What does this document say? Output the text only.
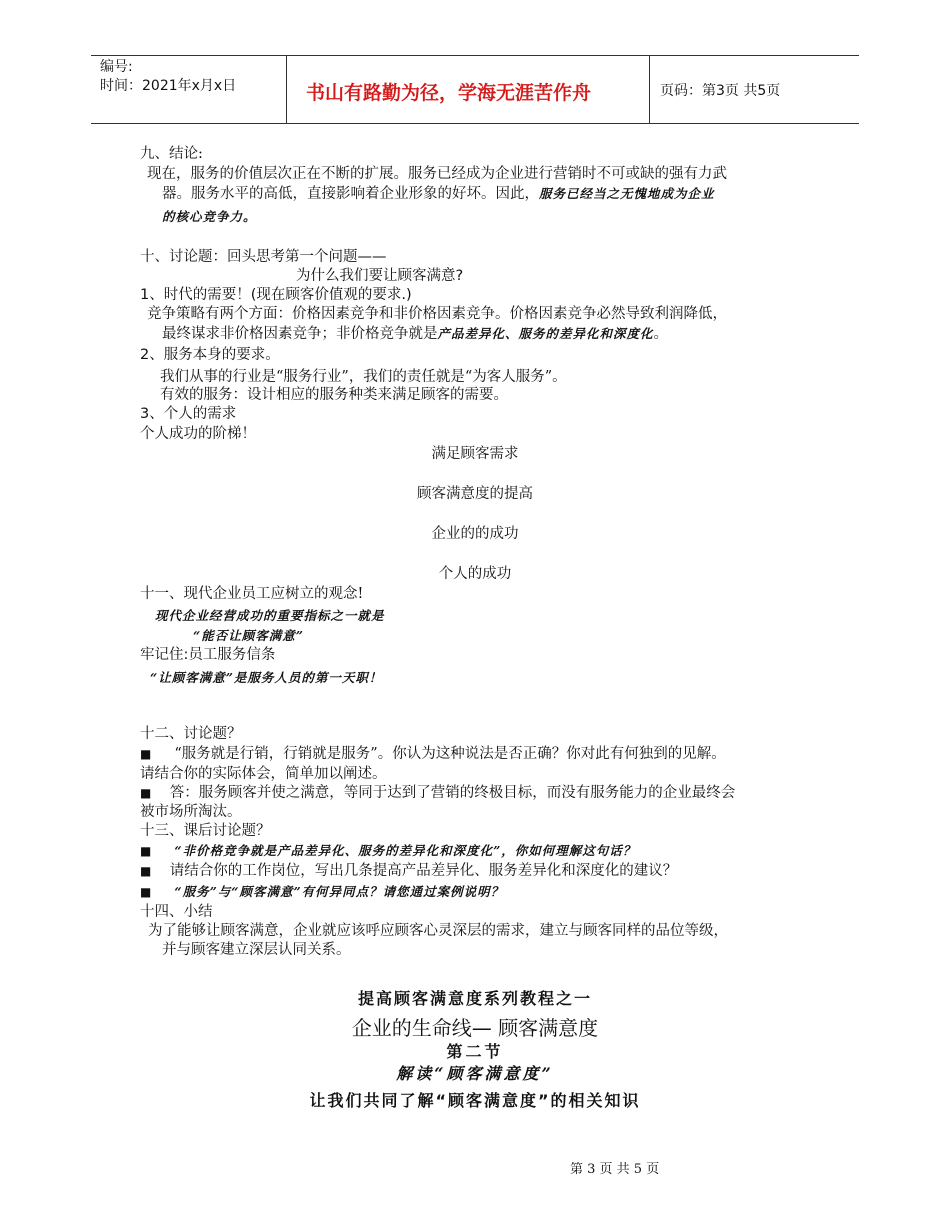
编号:
时间：2021年x月x日	书山有路勤为径，学海无涯苦作舟	页码：第3页 共5页
九、结论:
现在，服务的价值层次正在不断的扩展。服务已经成为企业进行营销时不可或缺的强有力武
器。服务水平的高低，直接影响着企业形象的好坏。因此，服务已经当之无愧地成为企业
的核心竞争力。
十、讨论题：回头思考第一个问题——
为什么我们要让顾客满意?
1、时代的需要！(现在顾客价值观的要求.)
竞争策略有两个方面：价格因素竞争和非价格因素竞争。价格因素竞争必然导致利润降低，
最终谋求非价格因素竞争；非价格竞争就是产品差异化、服务的差异化和深度化。
2、服务本身的要求。
我们从事的行业是“服务行业”，我们的责任就是“为客人服务”。
有效的服务：设计相应的服务种类来满足顾客的需要。
3、个人的需求
个人成功的阶梯！
满足顾客需求
顾客满意度的提高
企业的的成功
个人的成功
十一、现代企业员工应树立的观念!
现代企业经营成功的重要指标之一就是
“能否让顾客满意”
牢记住:员工服务信条
“让顾客满意”是服务人员的第一天职！
十二、讨论题？
■ “服务就是行销，行销就是服务”。你认为这种说法是否正确？你对此有何独到的见解。
请结合你的实际体会，简单加以阐述。
■ 答：服务顾客并使之满意，等同于达到了营销的终极目标，而没有服务能力的企业最终会
被市场所淘汰。
十三、课后讨论题？
■ “非价格竞争就是产品差异化、服务的差异化和深度化”，你如何理解这句话？
■ 请结合你的工作岗位，写出几条提高产品差异化、服务差异化和深度化的建议？
■ “服务”与“顾客满意”有何异同点？请您通过案例说明？
十四、小结
为了能够让顾客满意，企业就应该呼应顾客心灵深层的需求，建立与顾客同样的品位等级，
并与顾客建立深层认同关系。
提高顾客满意度系列教程之一
企业的生命线— 顾客满意度
第二节
解读“顾客满意度”
让我们共同了解“顾客满意度”的相关知识
第 3 页 共 5 页
